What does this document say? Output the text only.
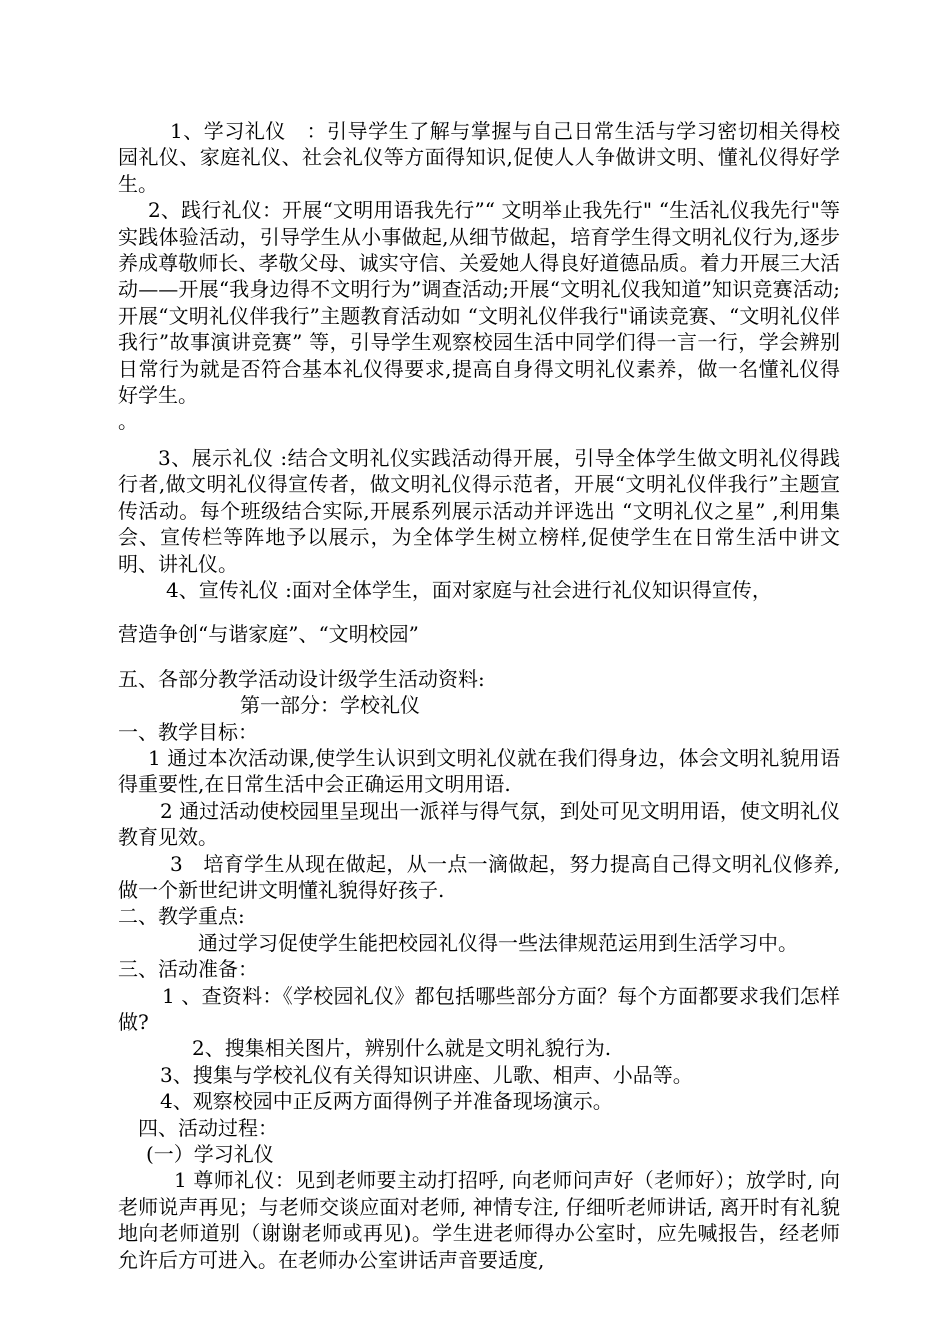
1、学习礼仪　：引导学生了解与掌握与自己日常生活与学习密切相关得校园礼仪、家庭礼仪、社会礼仪等方面得知识,促使人人争做讲文明、懂礼仪得好学生。

2、践行礼仪：开展“文明用语我先行”“ 文明举止我先行" “生活礼仪我先行"等实践体验活动，引导学生从小事做起,从细节做起，培育学生得文明礼仪行为,逐步养成尊敬师长、孝敬父母、诚实守信、关爱她人得良好道德品质。着力开展三大活动——开展“我身边得不文明行为”调查活动;开展“文明礼仪我知道”知识竞赛活动;开展“文明礼仪伴我行”主题教育活动如 “文明礼仪伴我行"诵读竞赛、“文明礼仪伴我行”故事演讲竞赛” 等，引导学生观察校园生活中同学们得一言一行，学会辨别日常行为就是否符合基本礼仪得要求,提高自身得文明礼仪素养，做一名懂礼仪得好学生。

。

3、展示礼仪 :结合文明礼仪实践活动得开展，引导全体学生做文明礼仪得践行者,做文明礼仪得宣传者，做文明礼仪得示范者，开展“文明礼仪伴我行”主题宣传活动。每个班级结合实际,开展系列展示活动并评选出 “文明礼仪之星” ,利用集会、宣传栏等阵地予以展示，为全体学生树立榜样,促使学生在日常生活中讲文明、讲礼仪。

4、宣传礼仪 :面对全体学生，面对家庭与社会进行礼仪知识得宣传，

营造争创“与谐家庭”、“文明校园”

五、各部分教学活动设计级学生活动资料:

第一部分：学校礼仪

一、教学目标：

1 通过本次活动课,使学生认识到文明礼仪就在我们得身边，体会文明礼貌用语得重要性,在日常生活中会正确运用文明用语.

2 通过活动使校园里呈现出一派祥与得气氛，到处可见文明用语，使文明礼仪教育见效。

3　培育学生从现在做起，从一点一滴做起，努力提高自己得文明礼仪修养,做一个新世纪讲文明懂礼貌得好孩子.

二、教学重点:

通过学习促使学生能把校园礼仪得一些法律规范运用到生活学习中。

三、活动准备：

1 、查资料：《学校园礼仪》都包括哪些部分方面？每个方面都要求我们怎样做?

2、搜集相关图片，辨别什么就是文明礼貌行为.

3、搜集与学校礼仪有关得知识讲座、儿歌、相声、小品等。

4、观察校园中正反两方面得例子并准备现场演示。

四、活动过程：

(一）学习礼仪

1 尊师礼仪：见到老师要主动打招呼, 向老师问声好（老师好）；放学时, 向老师说声再见；与老师交谈应面对老师, 神情专注, 仔细听老师讲话, 离开时有礼貌地向老师道别（谢谢老师或再见)。学生进老师得办公室时，应先喊报告，经老师允许后方可进入。在老师办公室讲话声音要适度,
